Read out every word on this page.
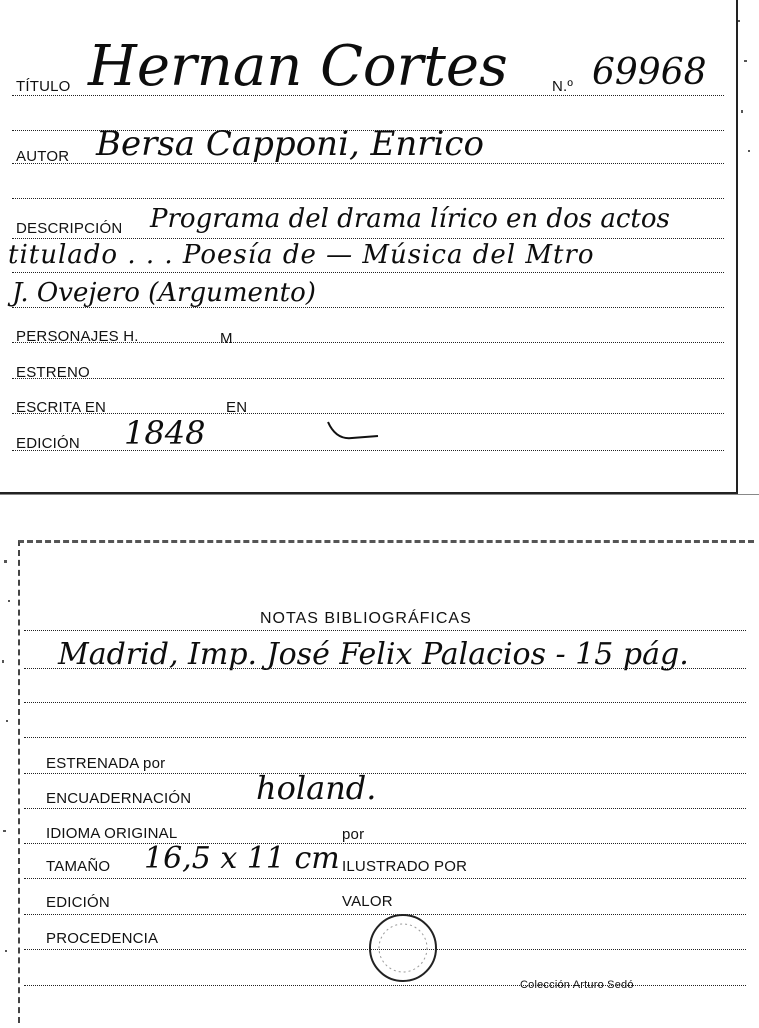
TÍTULO Hernan Cortes	N.º 69968
AUTOR Bersa Capponi, Enrico
DESCRIPCIÓN Programa del drama lírico en dos actos
titulado . . . Poesía de — Música del Mtro
J. Ovejero (Argumento)
PERSONAJES H.	M
ESTRENO
ESCRITA EN	EN
EDICIÓN 1848
NOTAS BIBLIOGRÁFICAS
Madrid, Imp. José Felix Palacios - 15 pág.
ESTRENADA por
ENCUADERNACIÓN holand.
IDIOMA ORIGINAL	por
TAMAÑO 16,5 x 11 cm ILUSTRADO POR
EDICIÓN	VALOR
PROCEDENCIA
Colección Arturo Sedó
